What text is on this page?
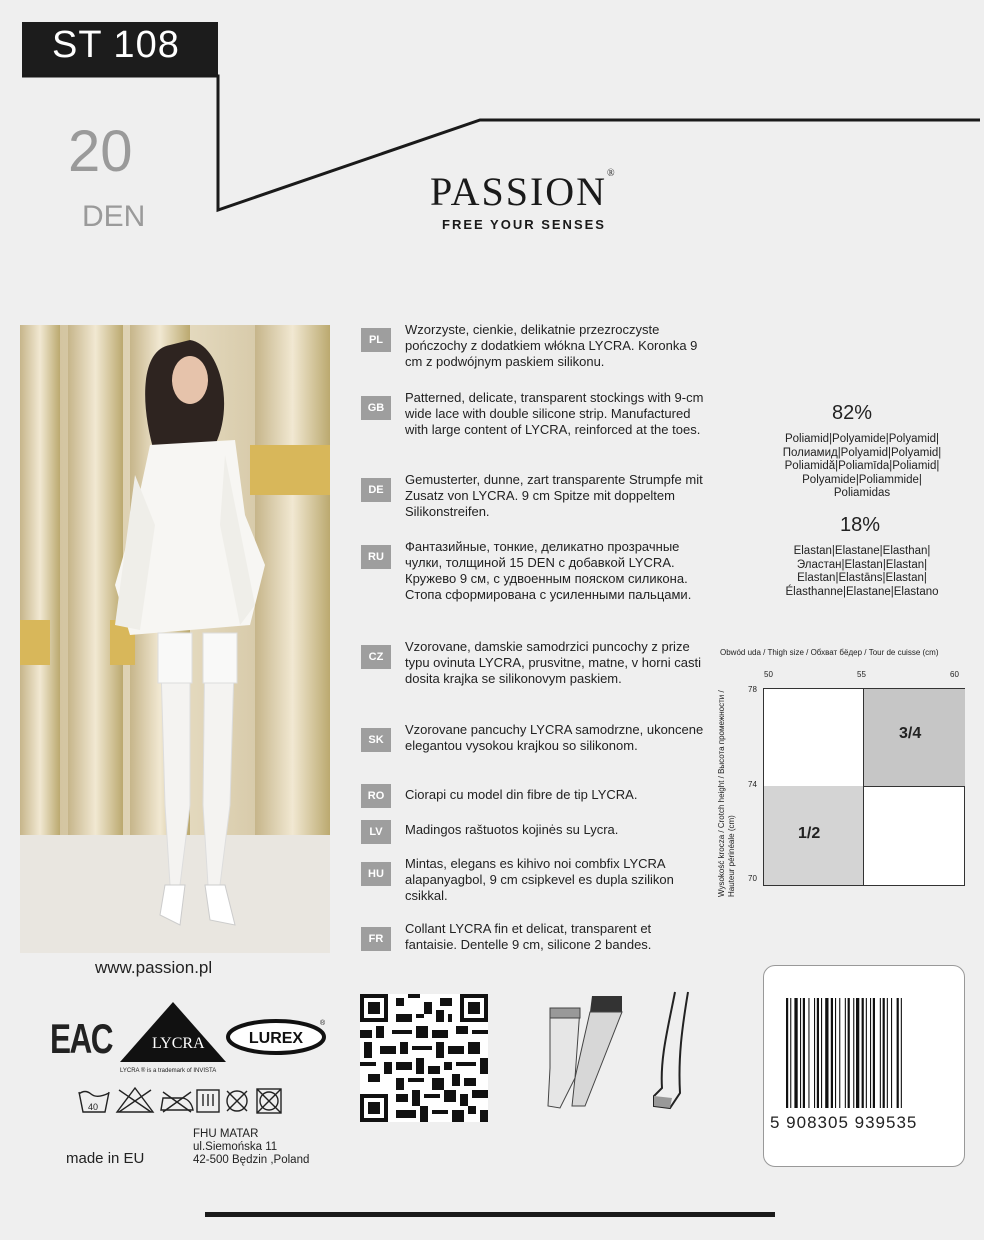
ST 108
20
DEN
PASSION®
FREE YOUR SENSES
www.passion.pl
PL
Wzorzyste, cienkie, delikatnie przezroczyste pończochy z dodatkiem włókna LYCRA. Koronka 9 cm z podwójnym paskiem silikonu.
GB
Patterned, delicate, transparent stockings with 9-cm wide lace with double silicone strip. Manufactured with large content of LYCRA, reinforced at the toes.
DE
Gemusterter, dunne, zart transparente Strumpfe mit Zusatz von LYCRA. 9 cm Spitze mit doppeltem Silikonstreifen.
RU
Фантазийные, тонкие, деликатно прозрачные чулки, толщиной 15 DEN с добавкой LYCRA. Кружево 9 см, с удвоенным пояском силикона. Стопа сформирована с усиленными пальцами.
CZ
Vzorovane, damskie samodrzici puncochy z prize typu ovinuta LYCRA, prusvitne, matne, v horni casti dosita krajka se silikonovym paskiem.
SK
Vzorovane pancuchy LYCRA samodrzne, ukoncene elegantou vysokou krajkou so silikonom.
RO	Ciorapi cu model din fibre de tip LYCRA.
LV	Madingos raštuotos kojinės su Lycra.
HU
Mintas, elegans es kihivo noi combfix LYCRA alapanyagbol, 9 cm csipkevel es dupla szilikon csikkal.
FR
Collant LYCRA fin et delicat, transparent et fantaisie. Dentelle 9 cm, silicone 2 bandes.
82%
Poliamid|Polyamide|Polyamid|
Полиамид|Polyamid|Polyamid|
Poliamidă|Poliamīda|Poliamid|
Polyamide|Poliammide|
Poliamidas
18%
Elastan|Elastane|Elasthan|
Эластан|Elastan|Elastan|
Elastan|Elastāns|Elastan|
Élasthanne|Elastane|Elastano
Obwód uda / Thigh size / Обхват бёдер / Tour de cuisse (cm)
50	55	60
78
74
70
Wysokość krocza / Crotch height / Высота промежности / Hauteur périnéale (cm)
3/4
1/2
EAC LYCRA ®
LYCRA ® is a trademark of INVISTA
LUREX
®
40
made in EU
FHU MATAR
ul.Siemońska 11
42-500 Będzin ,Poland
5 908305 939535
